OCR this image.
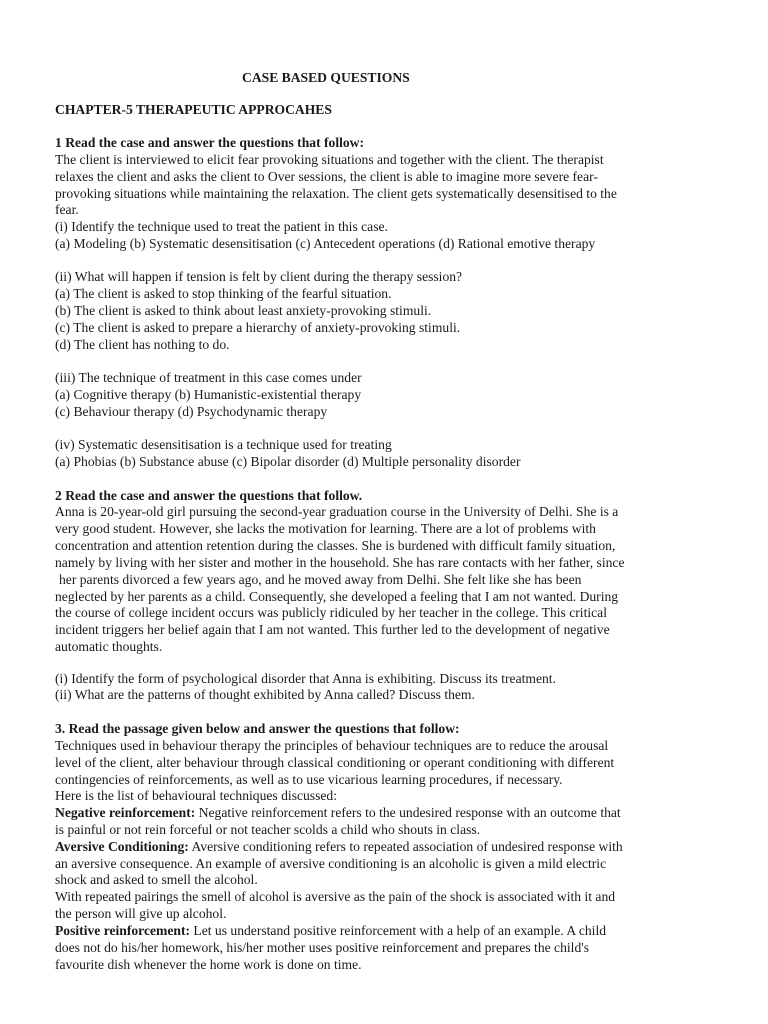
CASE BASED QUESTIONS
CHAPTER-5 THERAPEUTIC APPROCAHES
1 Read the case and answer the questions that follow:
The client is interviewed to elicit fear provoking situations and together with the client. The therapist
relaxes the client and asks the client to Over sessions, the client is able to imagine more severe fear-
provoking situations while maintaining the relaxation. The client gets systematically desensitised to the
fear.
(i) Identify the technique used to treat the patient in this case.
(a) Modeling (b) Systematic desensitisation (c) Antecedent operations (d) Rational emotive therapy
(ii) What will happen if tension is felt by client during the therapy session?
(a) The client is asked to stop thinking of the fearful situation.
(b) The client is asked to think about least anxiety-provoking stimuli.
(c) The client is asked to prepare a hierarchy of anxiety-provoking stimuli.
(d) The client has nothing to do.
(iii) The technique of treatment in this case comes under
(a) Cognitive therapy (b) Humanistic-existential therapy
(c) Behaviour therapy (d) Psychodynamic therapy
(iv) Systematic desensitisation is a technique used for treating
(a) Phobias (b) Substance abuse (c) Bipolar disorder (d) Multiple personality disorder
2 Read the case and answer the questions that follow.
Anna is 20-year-old girl pursuing the second-year graduation course in the University of Delhi. She is a
very good student. However, she lacks the motivation for learning. There are a lot of problems with
concentration and attention retention during the classes. She is burdened with difficult family situation,
namely by living with her sister and mother in the household. She has rare contacts with her father, since
her parents divorced a few years ago, and he moved away from Delhi. She felt like she has been
neglected by her parents as a child. Consequently, she developed a feeling that I am not wanted. During
the course of college incident occurs was publicly ridiculed by her teacher in the college. This critical
incident triggers her belief again that I am not wanted. This further led to the development of negative
automatic thoughts.
(i) Identify the form of psychological disorder that Anna is exhibiting. Discuss its treatment.
(ii) What are the patterns of thought exhibited by Anna called? Discuss them.
3. Read the passage given below and answer the questions that follow:
Techniques used in behaviour therapy the principles of behaviour techniques are to reduce the arousal
level of the client, alter behaviour through classical conditioning or operant conditioning with different
contingencies of reinforcements, as well as to use vicarious learning procedures, if necessary.
Here is the list of behavioural techniques discussed:
Negative reinforcement: Negative reinforcement refers to the undesired response with an outcome that
is painful or not rein forceful or not teacher scolds a child who shouts in class.
Aversive Conditioning: Aversive conditioning refers to repeated association of undesired response with
an aversive consequence. An example of aversive conditioning is an alcoholic is given a mild electric
shock and asked to smell the alcohol.
With repeated pairings the smell of alcohol is aversive as the pain of the shock is associated with it and
the person will give up alcohol.
Positive reinforcement: Let us understand positive reinforcement with a help of an example. A child
does not do his/her homework, his/her mother uses positive reinforcement and prepares the child's
favourite dish whenever the home work is done on time.
